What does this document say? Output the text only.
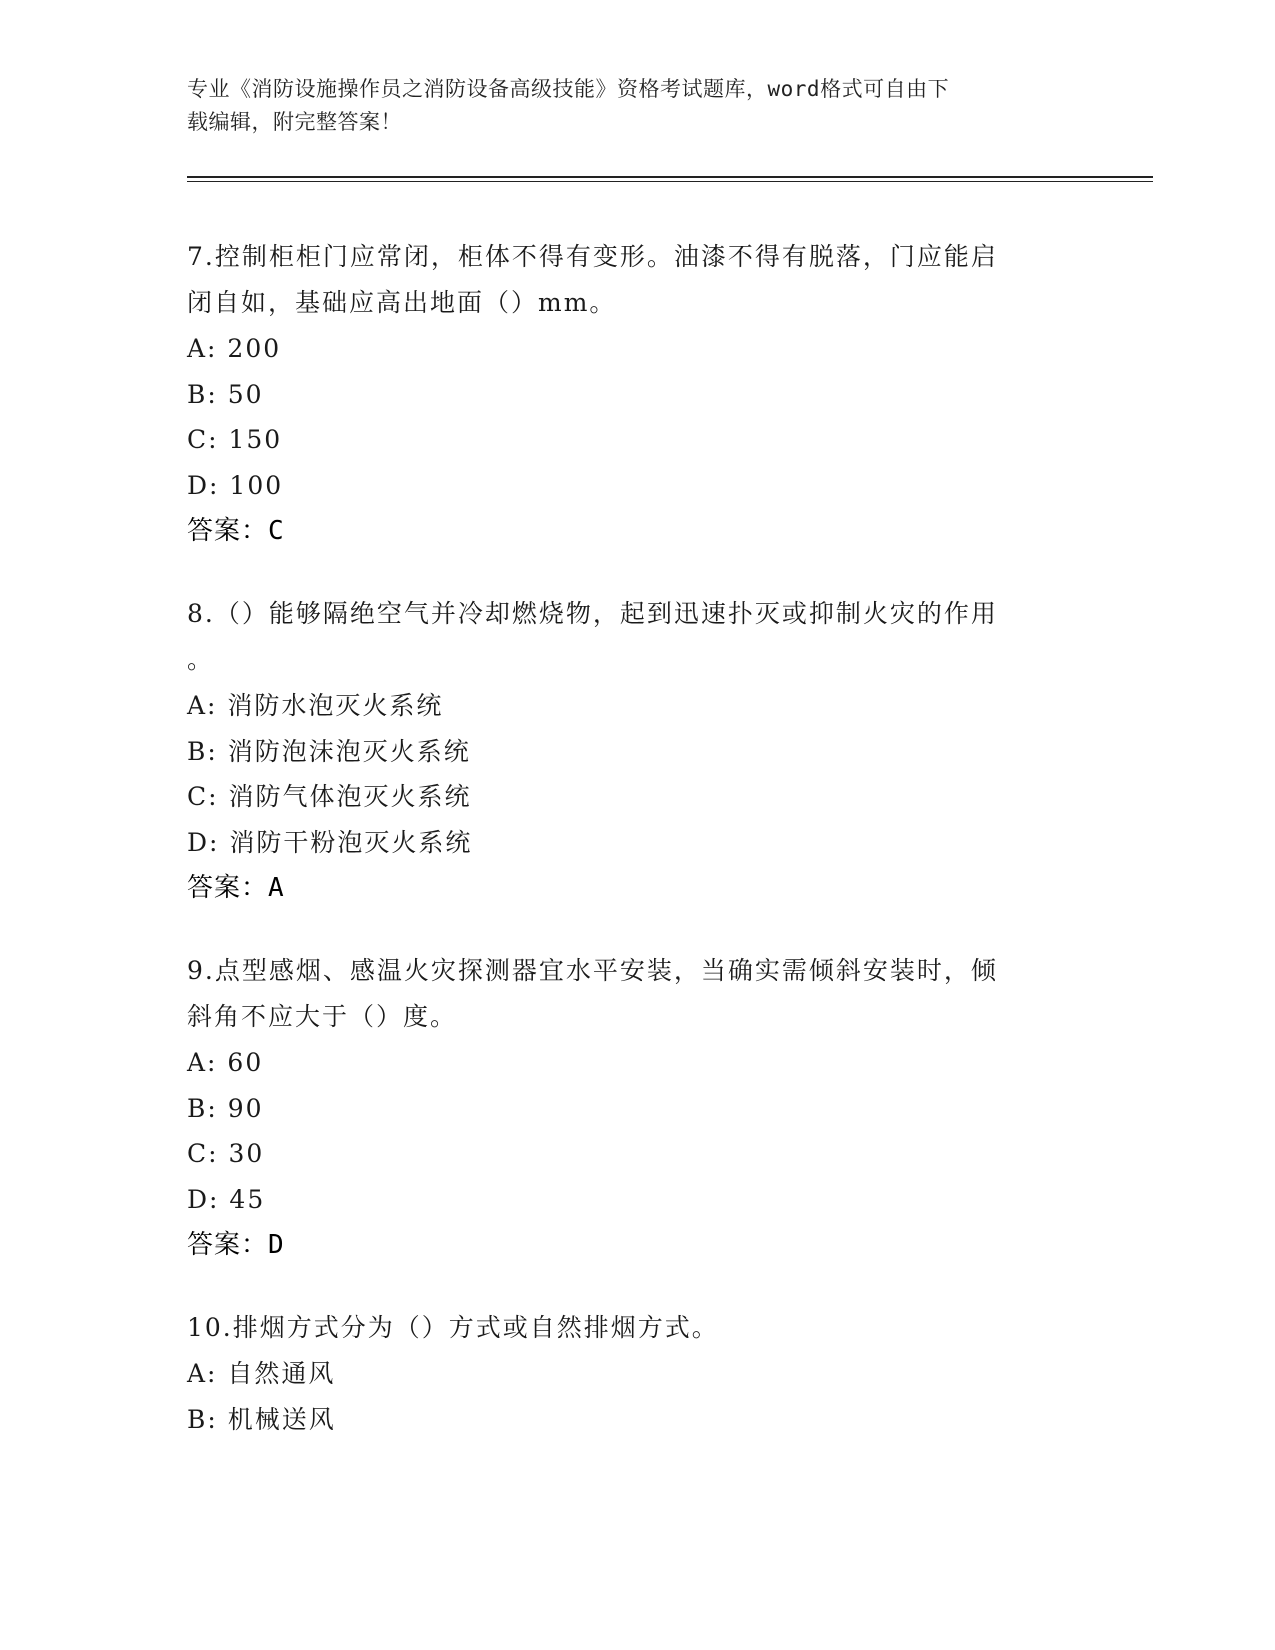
专业《消防设施操作员之消防设备高级技能》资格考试题库，word格式可自由下
载编辑，附完整答案！
7.控制柜柜门应常闭，柜体不得有变形。油漆不得有脱落，门应能启
闭自如，基础应高出地面（）mm。
A: 200
B: 50
C: 150
D: 100
答案：C
8.（）能够隔绝空气并冷却燃烧物，起到迅速扑灭或抑制火灾的作用
。
A: 消防水泡灭火系统
B: 消防泡沫泡灭火系统
C: 消防气体泡灭火系统
D: 消防干粉泡灭火系统
答案：A
9.点型感烟、感温火灾探测器宜水平安装，当确实需倾斜安装时，倾
斜角不应大于（）度。
A: 60
B: 90
C: 30
D: 45
答案：D
10.排烟方式分为（）方式或自然排烟方式。
A: 自然通风
B: 机械送风
